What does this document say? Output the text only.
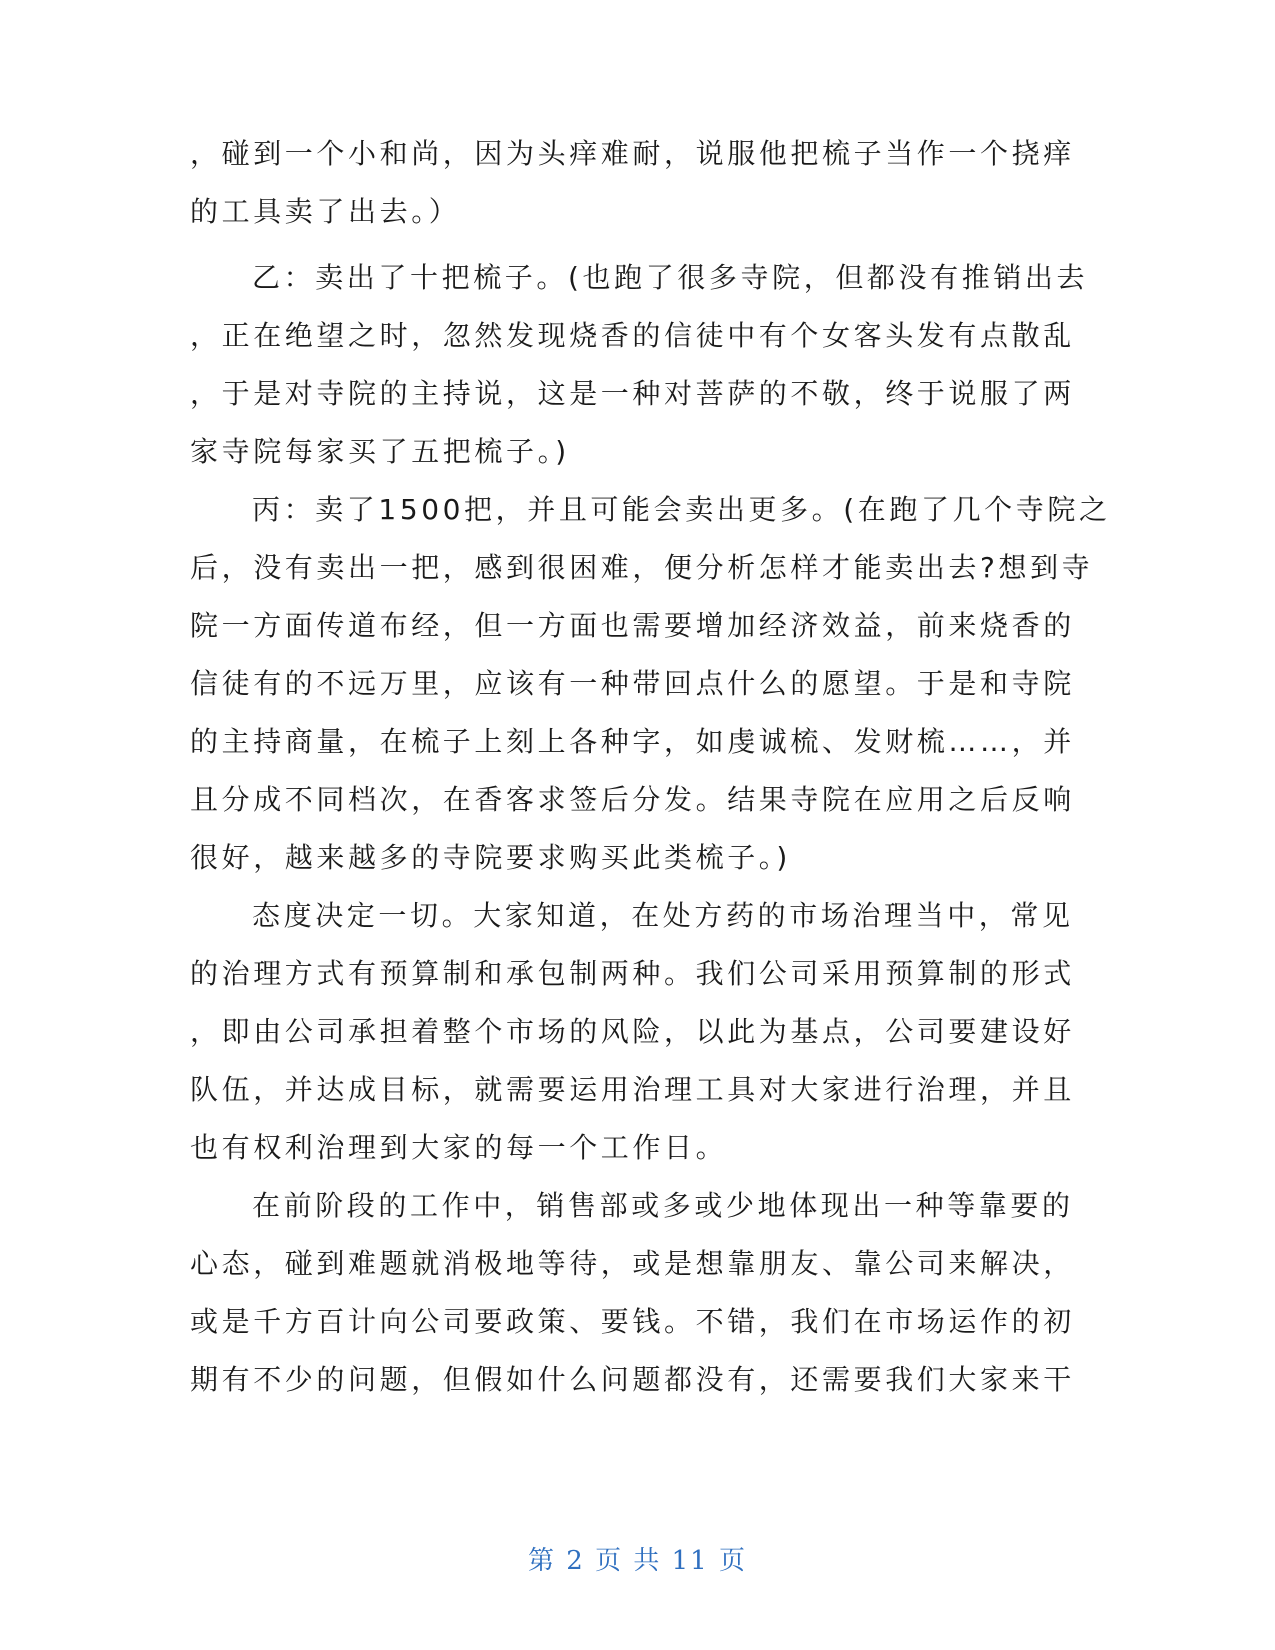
，碰到一个小和尚，因为头痒难耐，说服他把梳子当作一个挠痒
的工具卖了出去。）
乙：卖出了十把梳子。(也跑了很多寺院，但都没有推销出去
，正在绝望之时，忽然发现烧香的信徒中有个女客头发有点散乱
，于是对寺院的主持说，这是一种对菩萨的不敬，终于说服了两
家寺院每家买了五把梳子。)
丙：卖了1500把，并且可能会卖出更多。(在跑了几个寺院之
后，没有卖出一把，感到很困难，便分析怎样才能卖出去?想到寺
院一方面传道布经，但一方面也需要增加经济效益，前来烧香的
信徒有的不远万里，应该有一种带回点什么的愿望。于是和寺院
的主持商量，在梳子上刻上各种字，如虔诚梳、发财梳……，并
且分成不同档次，在香客求签后分发。结果寺院在应用之后反响
很好，越来越多的寺院要求购买此类梳子。)
态度决定一切。大家知道，在处方药的市场治理当中，常见
的治理方式有预算制和承包制两种。我们公司采用预算制的形式
，即由公司承担着整个市场的风险，以此为基点，公司要建设好
队伍，并达成目标，就需要运用治理工具对大家进行治理，并且
也有权利治理到大家的每一个工作日。
在前阶段的工作中，销售部或多或少地体现出一种等靠要的
心态，碰到难题就消极地等待，或是想靠朋友、靠公司来解决，
或是千方百计向公司要政策、要钱。不错，我们在市场运作的初
期有不少的问题，但假如什么问题都没有，还需要我们大家来干
第 2 页 共 11 页
